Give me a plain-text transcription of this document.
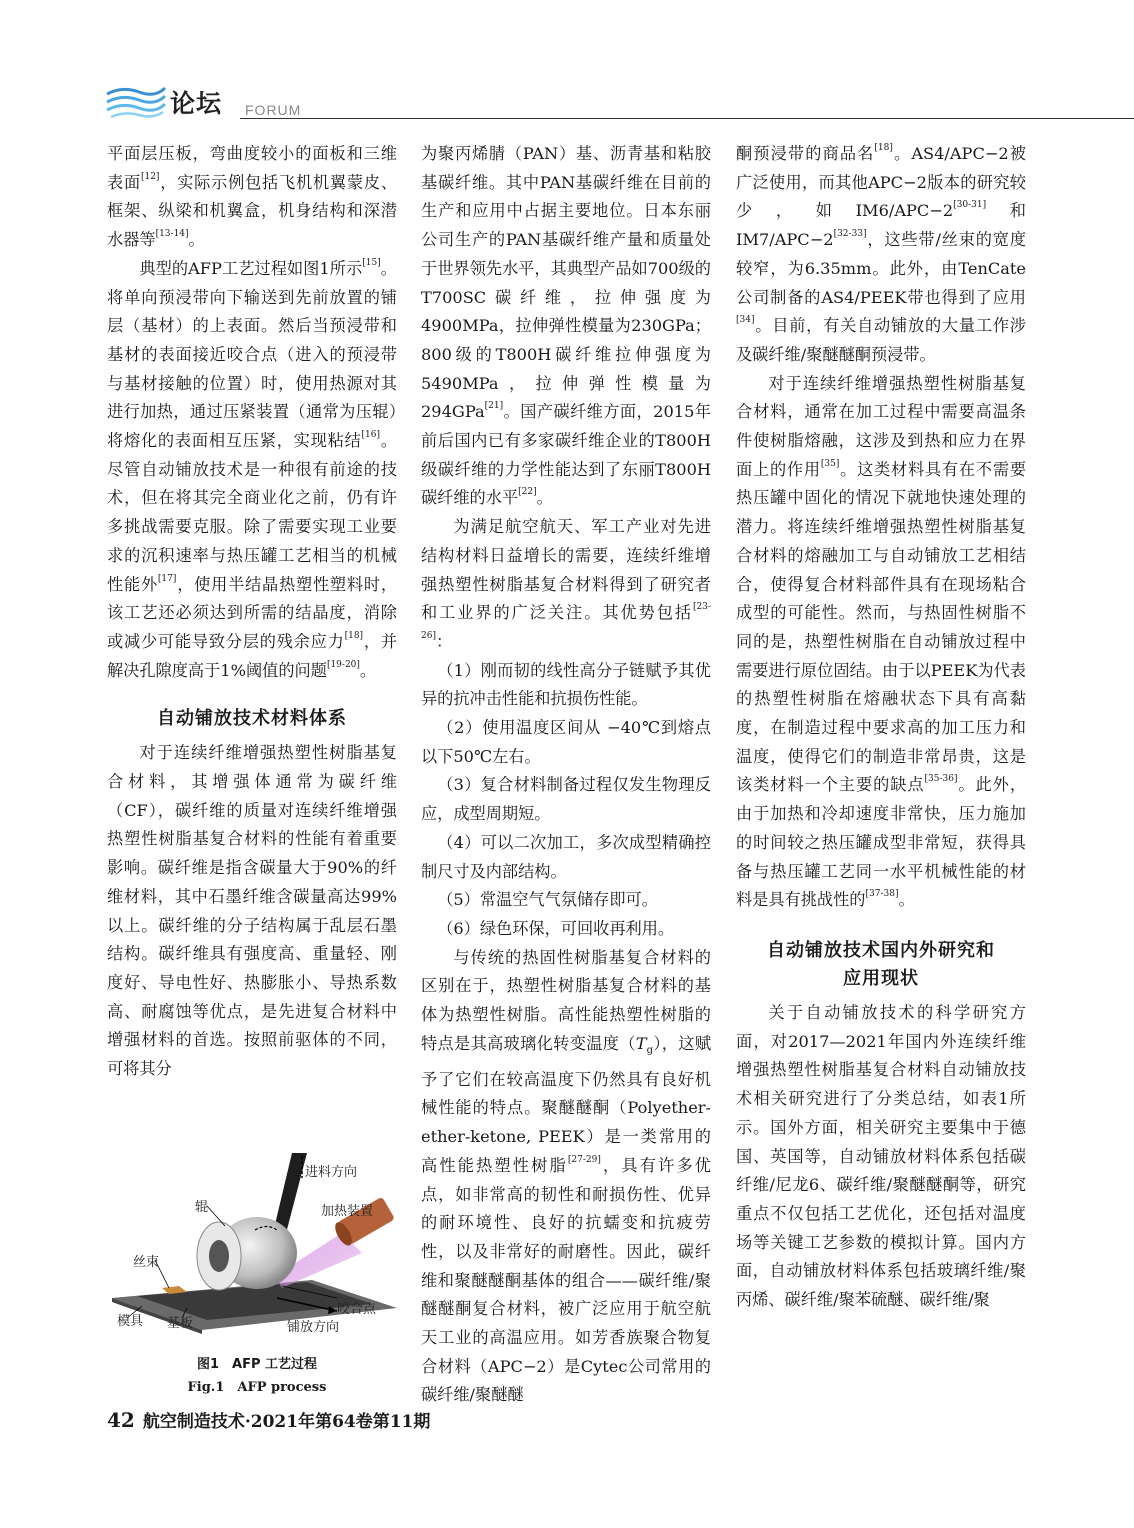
论坛 FORUM

平面层压板，弯曲度较小的面板和三维表面[12]，实际示例包括飞机机翼蒙皮、框架、纵梁和机翼盒，机身结构和深潜水器等[13-14]。

典型的AFP工艺过程如图1所示[15]。将单向预浸带向下输送到先前放置的铺层（基材）的上表面。然后当预浸带和基材的表面接近咬合点（进入的预浸带与基材接触的位置）时，使用热源对其进行加热，通过压紧装置（通常为压辊）将熔化的表面相互压紧，实现粘结[16]。尽管自动铺放技术是一种很有前途的技术，但在将其完全商业化之前，仍有许多挑战需要克服。除了需要实现工业要求的沉积速率与热压罐工艺相当的机械性能外[17]，使用半结晶热塑性塑料时，该工艺还必须达到所需的结晶度，消除或减少可能导致分层的残余应力[18]，并解决孔隙度高于1%阈值的问题[19-20]。

自动铺放技术材料体系

对于连续纤维增强热塑性树脂基复合材料，其增强体通常为碳纤维（CF），碳纤维的质量对连续纤维增强热塑性树脂基复合材料的性能有着重要影响。碳纤维是指含碳量大于90%的纤维材料，其中石墨纤维含碳量高达99%以上。碳纤维的分子结构属于乱层石墨结构。碳纤维具有强度高、重量轻、刚度好、导电性好、热膨胀小、导热系数高、耐腐蚀等优点，是先进复合材料中增强材料的首选。按照前驱体的不同，可将其分

进料方向
辊	加热装置
丝束
咬合点
模具 基板	铺放方向
图1　AFP 工艺过程
Fig.1　AFP process

为聚丙烯腈（PAN）基、沥青基和粘胶基碳纤维。其中PAN基碳纤维在目前的生产和应用中占据主要地位。日本东丽公司生产的PAN基碳纤维产量和质量处于世界领先水平，其典型产品如700级的T700SC碳纤维，拉伸强度为4900MPa，拉伸弹性模量为230GPa；800级的T800H碳纤维拉伸强度为5490MPa，拉伸弹性模量为294GPa[21]。国产碳纤维方面，2015年前后国内已有多家碳纤维企业的T800H级碳纤维的力学性能达到了东丽T800H碳纤维的水平[22]。

为满足航空航天、军工产业对先进结构材料日益增长的需要，连续纤维增强热塑性树脂基复合材料得到了研究者和工业界的广泛关注。其优势包括[23-26]：

（1）刚而韧的线性高分子链赋予其优异的抗冲击性能和抗损伤性能。

（2）使用温度区间从 −40℃到熔点以下50℃左右。

（3）复合材料制备过程仅发生物理反应，成型周期短。

（4）可以二次加工，多次成型精确控制尺寸及内部结构。

（5）常温空气气氛储存即可。

（6）绿色环保，可回收再利用。

与传统的热固性树脂基复合材料的区别在于，热塑性树脂基复合材料的基体为热塑性树脂。高性能热塑性树脂的特点是其高玻璃化转变温度$(T_g)$，这赋予了它们在较高温度下仍然具有良好机械性能的特点。聚醚醚酮（Polyether-ether-ketone, PEEK）是一类常用的高性能热塑性树脂[27-29]，具有许多优点，如非常高的韧性和耐损伤性、优异的耐环境性、良好的抗蠕变和抗疲劳性，以及非常好的耐磨性。因此，碳纤维和聚醚醚酮基体的组合——碳纤维/聚醚醚酮复合材料，被广泛应用于航空航天工业的高温应用。如芳香族聚合物复合材料（APC−2）是Cytec公司常用的碳纤维/聚醚醚

酮预浸带的商品名[18]。AS4/APC−2被广泛使用，而其他APC−2版本的研究较少，如IM6/APC−2[30-31]和IM7/APC−2[32-33]，这些带/丝束的宽度较窄，为6.35mm。此外，由TenCate公司制备的AS4/PEEK带也得到了应用[34]。目前，有关自动铺放的大量工作涉及碳纤维/聚醚醚酮预浸带。

对于连续纤维增强热塑性树脂基复合材料，通常在加工过程中需要高温条件使树脂熔融，这涉及到热和应力在界面上的作用[35]。这类材料具有在不需要热压罐中固化的情况下就地快速处理的潜力。将连续纤维增强热塑性树脂基复合材料的熔融加工与自动铺放工艺相结合，使得复合材料部件具有在现场粘合成型的可能性。然而，与热固性树脂不同的是，热塑性树脂在自动铺放过程中需要进行原位固结。由于以PEEK为代表的热塑性树脂在熔融状态下具有高黏度，在制造过程中要求高的加工压力和温度，使得它们的制造非常昂贵，这是该类材料一个主要的缺点[35-36]。此外，由于加热和冷却速度非常快，压力施加的时间较之热压罐成型非常短，获得具备与热压罐工艺同一水平机械性能的材料是具有挑战性的[37-38]。

自动铺放技术国内外研究和
应用现状

关于自动铺放技术的科学研究方面，对2017—2021年国内外连续纤维增强热塑性树脂基复合材料自动铺放技术相关研究进行了分类总结，如表1所示。国外方面，相关研究主要集中于德国、英国等，自动铺放材料体系包括碳纤维/尼龙6、碳纤维/聚醚醚酮等，研究重点不仅包括工艺优化，还包括对温度场等关键工艺参数的模拟计算。国内方面，自动铺放材料体系包括玻璃纤维/聚丙烯、碳纤维/聚苯硫醚、碳纤维/聚

42 航空制造技术·2021年第64卷第11期
